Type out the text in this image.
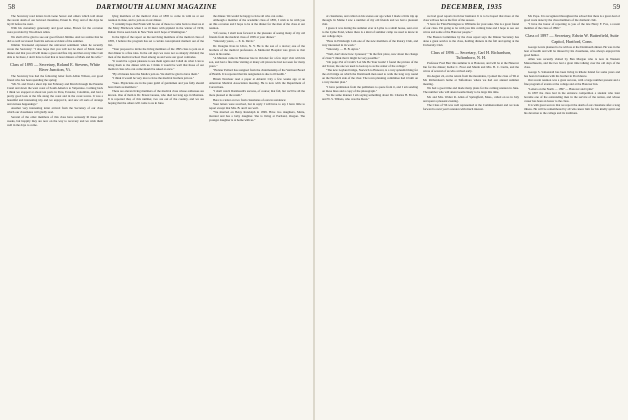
58	DARTMOUTH ALUMNI MAGAZINE

The Secretary read letters from Gene Sewer and others which told about the recent death of our beloved classmate, Ernest K. Pray, and of the days he lay ill before he went.

With his customary generosity and good sense, Brown for the occasion were provided by Woodlawn Allen.

We shall all be glad to see our good friend Jimmie. And we realize that he did so well recovered from his serious accident of the summer.

Jimmie Townsend expressed the universal sentiment when he recently wrote the Secretary: "I also hope that you will not be short of Mark Jones' dinner and that you all will make a great and fine trip and that every time I am able to be there, I don't have to feel that at least dinners of Mark and his wife."

Class of 1895 — Secretary, Roland E. Stevens, White River Junction, Vt.

The Secretary has had the following letter from Abbie Wilson, our good friend who has been spending the spring:

"Mr. W. and I had a short trip last February and March through the Panama Canal and down the west coast of South America to Valparaiso. Coming back I think we stopped at about ten ports in Peru, Ecuador, Colombia, and had a pretty good look at the life along the coast and in the coast towns. It was a beautiful and interesting trip and we enjoyed it, and saw all sorts of strange and curious happenings."

Another very interesting letter arrived from the Secretary of our class which our classmates will gladly read.

Several of the older members of this class have seriously ill these past weeks, but happily they are now on the way to recovery and we wish them well in the days to come.

fying members of the medical class of 1895 to come in with us at our reunion in June, and to join us at our dinner.

"I certainly hope that Frank will be one of those to come back to meet us at the Mary Hitchcock when I as ill there with pipheid in the winter of 1939, Ruben I have seen back in New York and I hope at Washington."

In the light of the report on the surviving members of the medical class of 1895, I believe the program has set a certain conceptional memoir out of the list.

"Your proposal to invite the living members of the 1895 class to join us at that dinner is a fine idea. In the old days we were not so sharply divided; the men of the medical school lived among us and were our good comrades.

"It would be a great pleasure to see them again and I shall do what I can to bring them to the dinner with us. I think it would be well that those of our medical class who can come should be asked at once."

"By all means have the Medics join us. We shall be glad to have them."

"I think it would be very nice to have the medical brothers join us."

"Sure. Physicians are in the pure guild of gentlemen and you fully should have them as members."

There are eleven living members of the medical class whose addresses are known. One of them is Dr. Ernest Greene, who died not long ago in Montana. It is reported that, of this number, two are out of the country, and we are hoping that the others will come to us in June.

the dinner. We would be happy to have all who can come.

Although a member of the academic class of 1895, I wish to be with you on this occasion and I hope to be at the dinner for the men of the class at our reunion.

"Of course, I shall look forward to the pleasure of seeing many of my old friends from the medical class of 1895 at your dinner."

"Sincerely yours, — E. K. Davis."

Dr. Douglas lives in Utica, N. Y. He is the son of a doctor; one of the brothers of the medical profession. A Memorial Hospital was given to that town in his name.

"A Marsten came in Hanover late in October for a few days' visit with his son, and had a fine time visiting at many old places he had not seen for many years."

"Holster Pollard has resigned from the chairmanship of the Vermont Board of Health. It is reported that his resignation is due to ill health."

Hiram Newbear read a paper at Atlantic City a few weeks ago at an American Medical Association meeting. He is now with the Department of Corrections.

"I shall watch Dartmouth's success, of course; that fall, but we'll be all the more pleased at the result."

Here is a letter on two from classmates of ours in residence:

Your letters were received, but in reply I will have to say I have little to report except that Mrs. B. and I are well.

"We married on Betsy Randolph in 1899. Have two daughters, Marie, married and has a baby daughter. She is living at Portland, Oregon. The younger daughter is at home with us."

DECEMBER, 1935	59

of classmates, and called on his scenes our ago when I made a little trip up through. In Maine I saw a number of my old friends and we had a pleasant visit.

I guess it was during the summer ever at Lyme to a small house, sent over to the Lyme Pond, where there is a kind of summer camp we used to know in our college days.

"Here in Pittsburgh I am one of the new members of the Rotary Club, and very interested in its work."

"Sincerely, — H. B. Ayres."

"Well, don't show how I pressed," "In the first place, now about the change of class? I think that it might be very possible."

"On page 254 of Cram's 'Let Me Be Your Guide' I found the picture of the old Tower, the one we used to look up to as the center of the college."

"The new Leyland bridge, Norwich to Hanover, is a very splendid thing for the old bridge on which the Dartmouth men used to walk the long way round on the Norwich side of the river. The town planning committee had it built on a very modest plan."

"I have permission from the publishers to quote from it, and I am sending on these lines and a copy of the photograph."

"In the same manner I am saying something about Dr. Charles H. Brown, and W. S. Tibbets, who was the Dean."

we had good reports from her husband. It is to be hoped that more of the class will see her as the first of the season.

"I have for Finn Herrington to Williams for your sake. She is a great friend of our class. I'm going to be with you this coming June and I hope to see our wives and some of the Hanover people."

The Boston Committee by the class report says the Dinner Secretary has done a great service to the class, holding dinners in the fall and spring at the University Club.

Class of 1896 — Secretary, Carl H. Richardson, Tuftonboro, N. H.

Professor Fred Barr this summer is at Hanover, and will be at the Hanover Inn for the dinner; Kellar C. Frost and Marsh and Mrs. B. C. Curtis, and the wives of several of us who arrived early.

On August 24, on the return from the mountains, I joined the class of '96 at Mr. Richardson's home at Tuftonboro where we had our annual summer meeting.

We had a good time and made many plans for the coming reunion in June. The number who will attend seems likely to be large this time.

Mr. and Mrs. Walter R. Allen of Springfield, Mass., called on us in July and spent a pleasant evening.

The Class of '96 was well represented at the Commencement and we look forward to next year's reunion with much interest.

Mr. Pope. It is recognized throughout the school that there is a great deal of good work done by the class members of the dramatic club.

"I have the honor of reporting to you of the late Harry F. Fox, a recent member of the class of 1896."

Class of 1897 — Secretary, Edwin W. Butterfield, Suite Capitol, Hartford, Conn.

George Lewis planned to be with us at the Dartmouth dinner. He was in the best of health and will be missed by his classmates, who always enjoyed his good humor.

Allen was recently visited by Ben Morgan who is now in Western Massachusetts, and the two had a great time talking over the old days of the class.

George S. Saltonstall has been living in Rhode Island for some years and has been in business with his brother in Providence.

Our recent reunion was a great success, with a large number present and a fine program of events at the college and at the Hanover Inn.

"Letters on the North — 1897 — Hanover and Lyme"

In 1897 the class had in the entrance competition a student who later became one of the outstanding men in the service of the nation, and whose career has been an honor to the class.

It is with great sorrow that we report the death of our classmate after a long illness. He will be remembered by all who knew him for his kindly spirit and his devotion to the college and its traditions.
